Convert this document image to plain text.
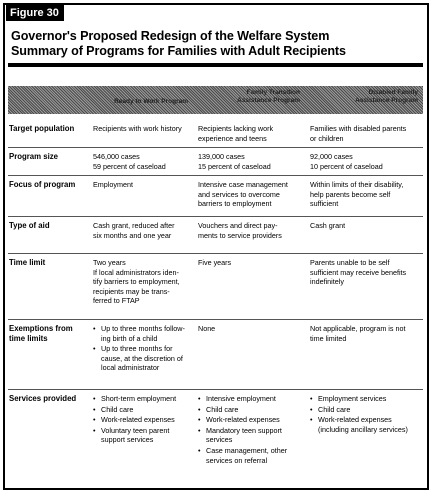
Figure 30
Governor's Proposed Redesign of the Welfare System
Summary of Programs for Families with Adult Recipients
Ready to Work Program
Family Transition
Assistance Program
Disabled Family
Assistance Program
Target population	Recipients with work history	Recipients lacking work
experience and teens
Families with disabled parents
or children
Program size	546,000 cases
59 percent of caseload
139,000 cases
15 percent of caseload
92,000 cases
10 percent of caseload
Focus of program Employment	Intensive case management
and services to overcome
barriers to employment
Within limits of their disability,
help parents become self
sufficient
Type of aid	Cash grant, reduced after
six months and one year
Vouchers and direct pay-
ments to service providers
Cash grant
Time limit	Two years
If local administrators iden-
tify barriers to employment,
recipients may be trans-
ferred to FTAP
Five years	Parents unable to be self
sufficient may receive benefits
indefinitely
Exemptions from
time limits
• Up to three months follow-
ing birth of a child
• Up to three months for
cause, at the discretion of
local administrator
None	Not applicable, program is not
time limited
Services provided
•	Short-term employment
• Child care
• Work-related expenses
• Voluntary teen parent
support services
• Intensive employment
• Child care
• Work-related expenses
• Mandatory teen support
services
• Case management, other
services on referral
• Employment services
• Child care
• Work-related expenses
(including ancillary services)
